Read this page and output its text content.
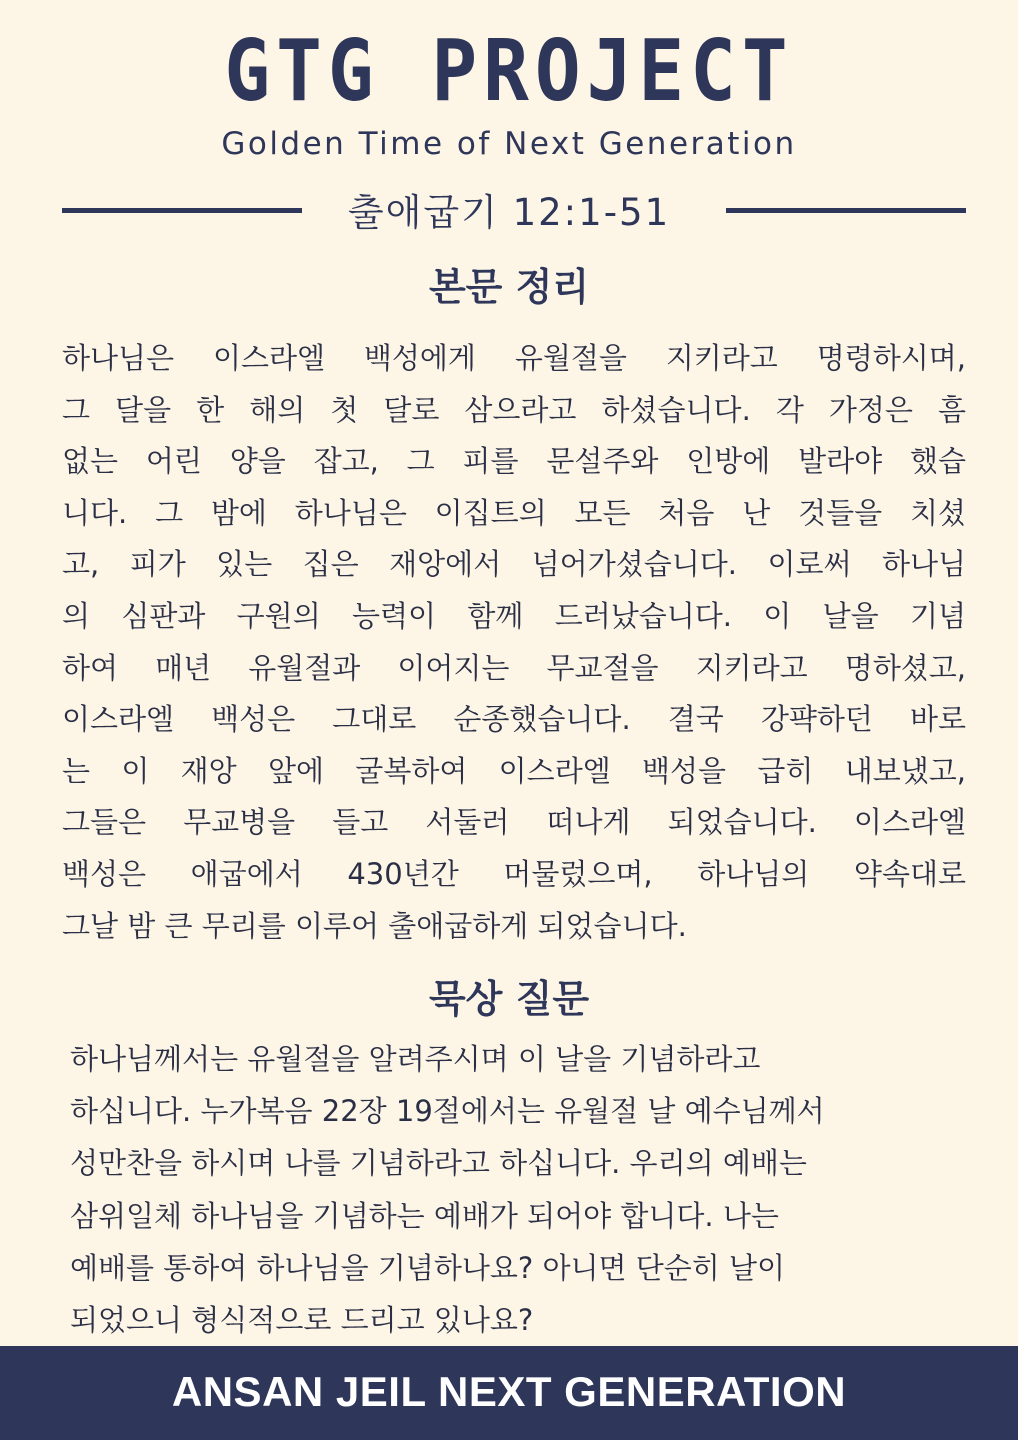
GTG PROJECT
Golden Time of Next Generation
출애굽기 12:1-51
본문 정리
하나님은 이스라엘 백성에게 유월절을 지키라고 명령하시며,
그 달을 한 해의 첫 달로 삼으라고 하셨습니다. 각 가정은 흠
없는 어린 양을 잡고, 그 피를 문설주와 인방에 발라야 했습
니다. 그 밤에 하나님은 이집트의 모든 처음 난 것들을 치셨
고, 피가 있는 집은 재앙에서 넘어가셨습니다. 이로써 하나님
의 심판과 구원의 능력이 함께 드러났습니다. 이 날을 기념
하여 매년 유월절과 이어지는 무교절을 지키라고 명하셨고,
이스라엘 백성은 그대로 순종했습니다. 결국 강퍅하던 바로
는 이 재앙 앞에 굴복하여 이스라엘 백성을 급히 내보냈고,
그들은 무교병을 들고 서둘러 떠나게 되었습니다. 이스라엘
백성은 애굽에서 430년간 머물렀으며, 하나님의 약속대로
그날 밤 큰 무리를 이루어 출애굽하게 되었습니다.
묵상 질문
하나님께서는 유월절을 알려주시며 이 날을 기념하라고
하십니다. 누가복음 22장 19절에서는 유월절 날 예수님께서
성만찬을 하시며 나를 기념하라고 하십니다. 우리의 예배는
삼위일체 하나님을 기념하는 예배가 되어야 합니다. 나는
예배를 통하여 하나님을 기념하나요? 아니면 단순히 날이
되었으니 형식적으로 드리고 있나요?
ANSAN JEIL NEXT GENERATION
